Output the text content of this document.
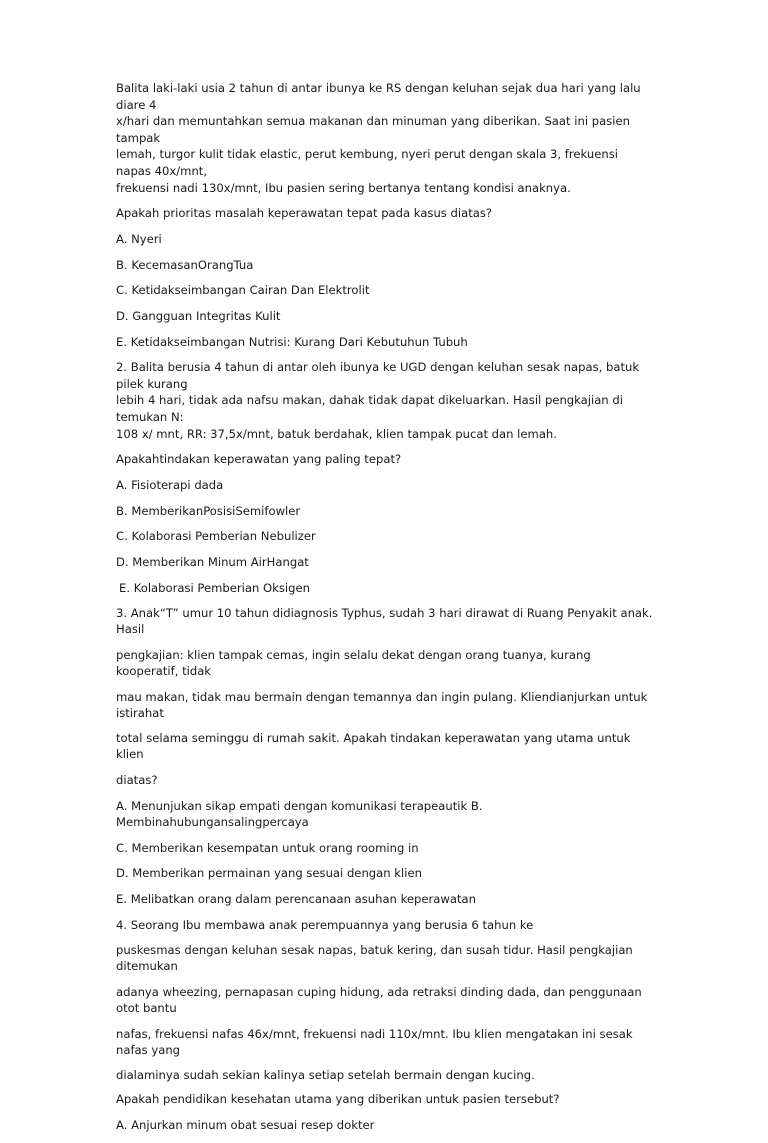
Balita laki-laki usia 2 tahun di antar ibunya ke RS dengan keluhan sejak dua hari yang lalu diare 4
x/hari dan memuntahkan semua makanan dan minuman yang diberikan. Saat ini pasien tampak
lemah, turgor kulit tidak elastic, perut kembung, nyeri perut dengan skala 3, frekuensi napas 40x/mnt,
frekuensi nadi 130x/mnt, Ibu pasien sering bertanya tentang kondisi anaknya.
Apakah prioritas masalah keperawatan tepat pada kasus diatas?
A. Nyeri
B. KecemasanOrangTua
C. Ketidakseimbangan Cairan Dan Elektrolit
D. Gangguan Integritas Kulit
E. Ketidakseimbangan Nutrisi: Kurang Dari Kebutuhun Tubuh
2. Balita berusia 4 tahun di antar oleh ibunya ke UGD dengan keluhan sesak napas, batuk pilek kurang
lebih 4 hari, tidak ada nafsu makan, dahak tidak dapat dikeluarkan. Hasil pengkajian di temukan N:
108 x/ mnt, RR: 37,5x/mnt, batuk berdahak, klien tampak pucat dan lemah.
Apakahtindakan keperawatan yang paling tepat?
A. Fisioterapi dada
B. MemberikanPosisiSemifowler
C. Kolaborasi Pemberian Nebulizer
D. Memberikan Minum AirHangat
E. Kolaborasi Pemberian Oksigen
3. Anak“T” umur 10 tahun didiagnosis Typhus, sudah 3 hari dirawat di Ruang Penyakit anak. Hasil
pengkajian: klien tampak cemas, ingin selalu dekat dengan orang tuanya, kurang kooperatif, tidak
mau makan, tidak mau bermain dengan temannya dan ingin pulang. Kliendianjurkan untuk istirahat
total selama seminggu di rumah sakit. Apakah tindakan keperawatan yang utama untuk klien
diatas?
A. Menunjukan sikap empati dengan komunikasi terapeautik B. Membinahubungansalingpercaya
C. Memberikan kesempatan untuk orang rooming in
D. Memberikan permainan yang sesuai dengan klien
E. Melibatkan orang dalam perencanaan asuhan keperawatan
4. Seorang Ibu membawa anak perempuannya yang berusia 6 tahun ke
puskesmas dengan keluhan sesak napas, batuk kering, dan susah tidur. Hasil pengkajian ditemukan
adanya wheezing, pernapasan cuping hidung, ada retraksi dinding dada, dan penggunaan otot bantu
nafas, frekuensi nafas 46x/mnt, frekuensi nadi 110x/mnt. Ibu klien mengatakan ini sesak nafas yang
dialaminya sudah sekian kalinya setiap setelah bermain dengan kucing.
Apakah pendidikan kesehatan utama yang diberikan untuk pasien tersebut?
A. Anjurkan minum obat sesuai resep dokter
